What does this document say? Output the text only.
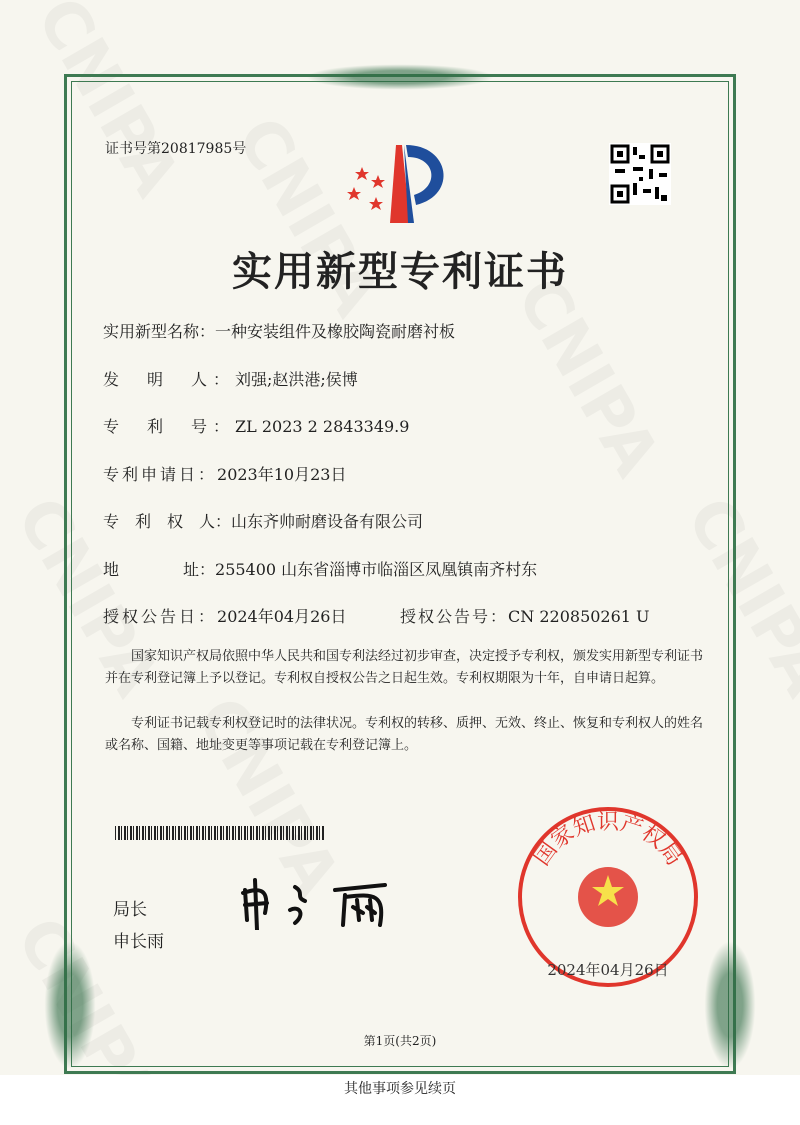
证书号第20817985号
实用新型专利证书
实用新型名称：一种安装组件及橡胶陶瓷耐磨衬板
发　明　人：刘强;赵洪港;侯博
专　利　号：ZL 2023 2 2843349.9
专利申请日：2023年10月23日
专　利　权　人：山东齐帅耐磨设备有限公司
地　　　　址：255400 山东省淄博市临淄区凤凰镇南齐村东
授权公告日：2024年04月26日	授权公告号：CN 220850261 U
国家知识产权局依照中华人民共和国专利法经过初步审查，决定授予专利权，颁发实用新型专利证书并在专利登记簿上予以登记。专利权自授权公告之日起生效。专利权期限为十年，自申请日起算。
专利证书记载专利权登记时的法律状况。专利权的转移、质押、无效、终止、恢复和专利权人的姓名或名称、国籍、地址变更等事项记载在专利登记簿上。
局长
申长雨
国家知识产权局
2024年04月26日
第1页(共2页)
其他事项参见续页
